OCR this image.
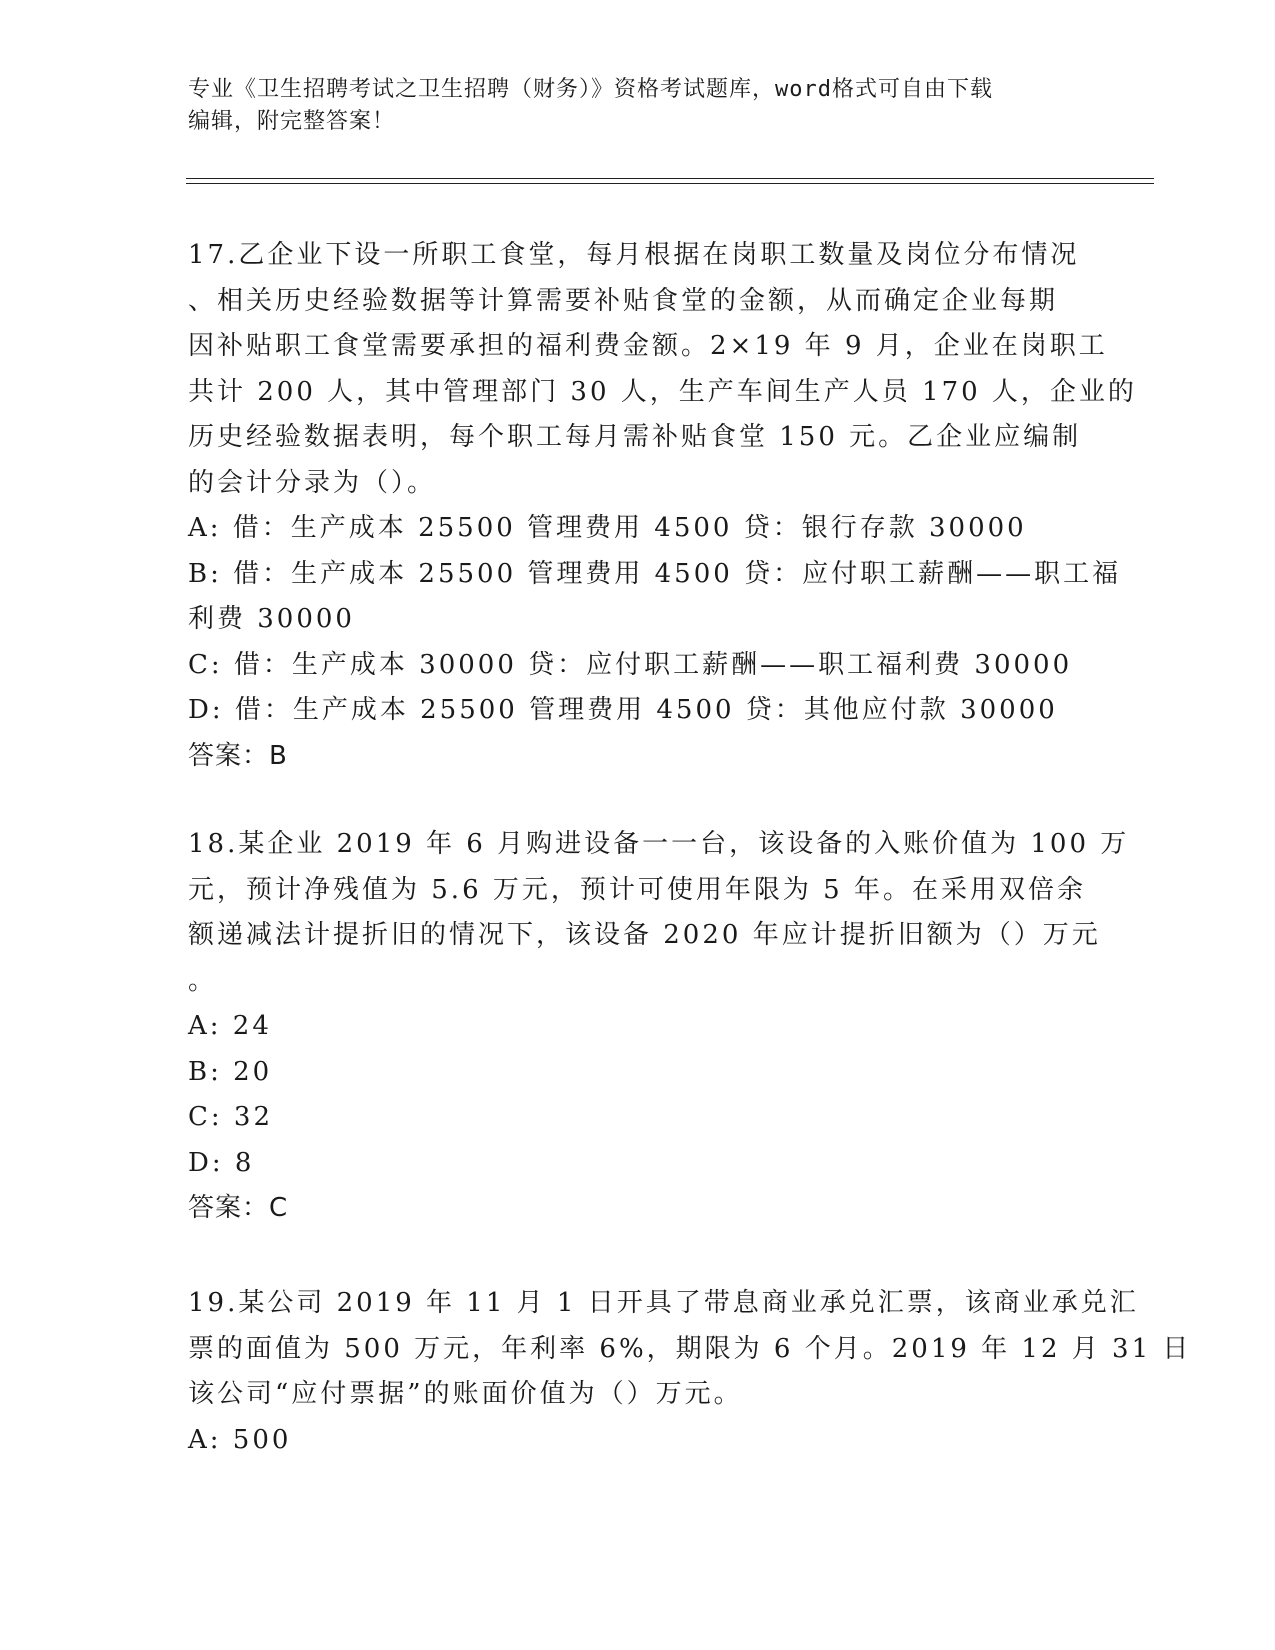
专业《卫生招聘考试之卫生招聘（财务）》资格考试题库，word格式可自由下载
编辑，附完整答案！
17.乙企业下设一所职工食堂，每月根据在岗职工数量及岗位分布情况
、相关历史经验数据等计算需要补贴食堂的金额，从而确定企业每期
因补贴职工食堂需要承担的福利费金额。2×19 年 9 月，企业在岗职工
共计 200 人，其中管理部门 30 人，生产车间生产人员 170 人，企业的
历史经验数据表明，每个职工每月需补贴食堂 150 元。乙企业应编制
的会计分录为（）。
A: 借：生产成本 25500 管理费用 4500 贷：银行存款 30000
B: 借：生产成本 25500 管理费用 4500 贷：应付职工薪酬——职工福
利费 30000
C: 借：生产成本 30000 贷：应付职工薪酬——职工福利费 30000
D: 借：生产成本 25500 管理费用 4500 贷：其他应付款 30000
答案：B
18.某企业 2019 年 6 月购进设备一一台，该设备的入账价值为 100 万
元，预计净残值为 5.6 万元，预计可使用年限为 5 年。在采用双倍余
额递减法计提折旧的情况下，该设备 2020 年应计提折旧额为（）万元
。
A: 24
B: 20
C: 32
D: 8
答案：C
19.某公司 2019 年 11 月 1 日开具了带息商业承兑汇票，该商业承兑汇
票的面值为 500 万元，年利率 6%，期限为 6 个月。2019 年 12 月 31 日
该公司“应付票据”的账面价值为（）万元。
A: 500
